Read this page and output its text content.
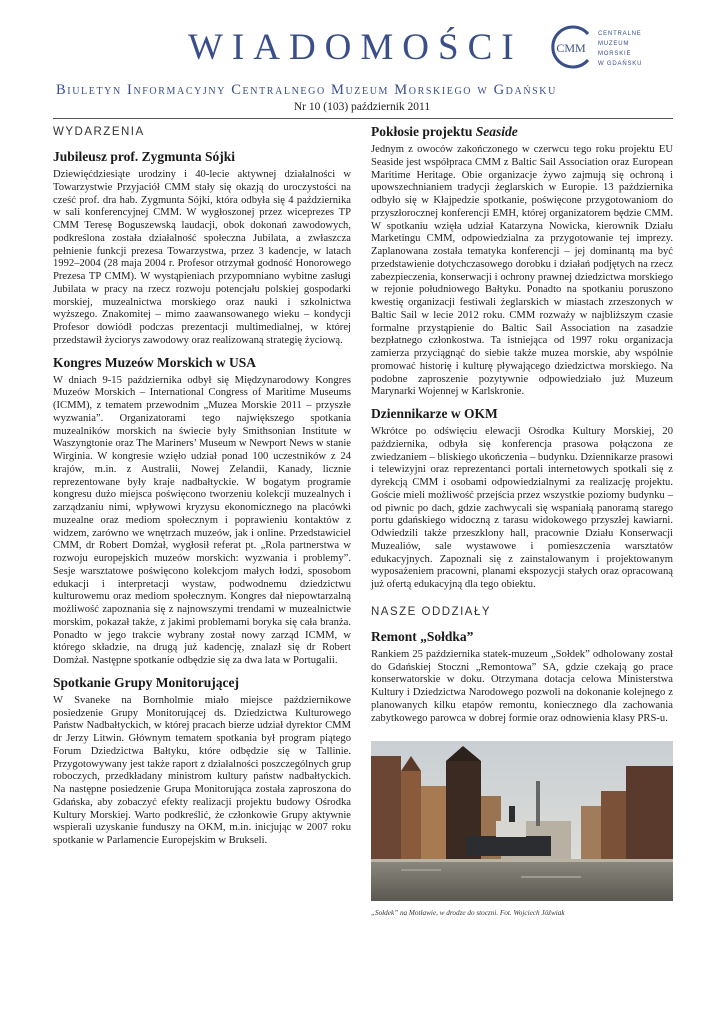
WIADOMOŚCI	CMM
CENTRALNE
MUZEUM
MORSKIE
W GDAŃSKU
Biuletyn Informacyjny Centralnego Muzeum Morskiego w Gdańsku
Nr 10 (103) październik 2011
WYDARZENIA
Jubileusz prof. Zygmunta Sójki

Dziewięćdziesiąte urodziny i 40-lecie aktywnej działalności w Towarzystwie Przyjaciół CMM stały się okazją do uroczystości na cześć prof. dra hab. Zygmunta Sójki, która odbyła się 4 października w sali konferencyjnej CMM. W wygłoszonej przez wiceprezes TP CMM Teresę Boguszewską laudacji, obok dokonań zawodowych, podkreślona została działalność społeczna Jubilata, a zwłaszcza pełnienie funkcji prezesa Towarzystwa, przez 3 kadencje, w latach 1992–2004 (28 maja 2004 r. Profesor otrzymał godność Honorowego Prezesa TP CMM). W wystąpieniach przypomniano wybitne zasługi Jubilata w pracy na rzecz rozwoju potencjału polskiej gospodarki morskiej, muzealnictwa morskiego oraz nauki i szkolnictwa wyższego. Znakomitej – mimo zaawansowanego wieku – kondycji Profesor dowiódł podczas prezentacji multimedialnej, w której przedstawił życiorys zawodowy oraz realizowaną strategię życiową.

Kongres Muzeów Morskich w USA

W dniach 9-15 października odbył się Międzynarodowy Kongres Muzeów Morskich – International Congress of Maritime Museums (ICMM), z tematem przewodnim „Muzea Morskie 2011 – przyszłe wyzwania”. Organizatorami tego największego spotkania muzealników morskich na świecie były Smithsonian Institute w Waszyngtonie oraz The Mariners’ Museum w Newport News w stanie Wirginia. W kongresie wzięło udział ponad 100 uczestników z 24 krajów, m.in. z Australii, Nowej Zelandii, Kanady, licznie reprezentowane były kraje nadbałtyckie. W bogatym programie kongresu dużo miejsca poświęcono tworzeniu kolekcji muzealnych i zarządzaniu nimi, wpływowi kryzysu ekonomicznego na placówki muzealne oraz mediom społecznym i poprawieniu kontaktów z widzem, zarówno we wnętrzach muzeów, jak i online. Przedstawiciel CMM, dr Robert Domżał, wygłosił referat pt. „Rola partnerstwa w rozwoju europejskich muzeów morskich: wyzwania i problemy”. Sesje warsztatowe poświęcono kolekcjom małych łodzi, sposobom edukacji i interpretacji wystaw, podwodnemu dziedzictwu kulturowemu oraz mediom społecznym. Kongres dał niepowtarzalną możliwość zapoznania się z najnowszymi trendami w muzealnictwie morskim, pokazał także, z jakimi problemami boryka się cała branża. Ponadto w jego trakcie wybrany został nowy zarząd ICMM, w którego składzie, na drugą już kadencję, znalazł się dr Robert Domżał. Następne spotkanie odbędzie się za dwa lata w Portugalii.

Spotkanie Grupy Monitorującej

W Svaneke na Bornholmie miało miejsce październikowe posiedzenie Grupy Monitorującej ds. Dziedzictwa Kulturowego Państw Nadbałtyckich, w której pracach bierze udział dyrektor CMM dr Jerzy Litwin. Głównym tematem spotkania był program piątego Forum Dziedzictwa Bałtyku, które odbędzie się w Tallinie. Przygotowywany jest także raport z działalności poszczególnych grup roboczych, przedkładany ministrom kultury państw nadbałtyckich. Na następne posiedzenie Grupa Monitorująca została zaproszona do Gdańska, aby zobaczyć efekty realizacji projektu budowy Ośrodka Kultury Morskiej. Warto podkreślić, że członkowie Grupy aktywnie wspierali uzyskanie funduszy na OKM, m.in. inicjując w 2007 roku spotkanie w Parlamencie Europejskim w Brukseli.

Pokłosie projektu Seaside

Jednym z owoców zakończonego w czerwcu tego roku projektu EU Seaside jest współpraca CMM z Baltic Sail Association oraz European Maritime Heritage. Obie organizacje żywo zajmują się ochroną i upowszechnianiem tradycji żeglarskich w Europie. 13 października odbyło się w Kłajpedzie spotkanie, poświęcone przygotowaniom do przyszłorocznej konferencji EMH, której organizatorem będzie CMM. W spotkaniu wzięła udział Katarzyna Nowicka, kierownik Działu Marketingu CMM, odpowiedzialna za przygotowanie tej imprezy. Zaplanowana została tematyka konferencji – jej dominantą ma być przedstawienie dotychczasowego dorobku i działań podjętych na rzecz zabezpieczenia, konserwacji i ochrony prawnej dziedzictwa morskiego w rejonie południowego Bałtyku. Ponadto na spotkaniu poruszono kwestię organizacji festiwali żeglarskich w miastach zrzeszonych w Baltic Sail w lecie 2012 roku. CMM rozważy w najbliższym czasie formalne przystąpienie do Baltic Sail Association na zasadzie bezpłatnego członkostwa. Ta istniejąca od 1997 roku organizacja zamierza przyciągnąć do siebie także muzea morskie, aby wspólnie promować historię i kulturę pływającego dziedzictwa morskiego. Na podobne zaproszenie pozytywnie odpowiedziało już Muzeum Marynarki Wojennej w Karlskronie.

Dziennikarze w OKM

Wkrótce po odświęciu elewacji Ośrodka Kultury Morskiej, 20 października, odbyła się konferencja prasowa połączona ze zwiedzaniem – bliskiego ukończenia – budynku. Dziennikarze prasowi i telewizyjni oraz reprezentanci portali internetowych spotkali się z dyrekcją CMM i osobami odpowiedzialnymi za realizację projektu. Goście mieli możliwość przejścia przez wszystkie poziomy budynku – od piwnic po dach, gdzie zachwycali się wspaniałą panoramą starego portu gdańskiego widoczną z tarasu widokowego przyszłej kawiarni. Odwiedzili także przeszklony hall, pracownie Działu Konserwacji Muzealiów, sale wystawowe i pomieszczenia warsztatów edukacyjnych. Zapoznali się z zainstalowanym i projektowanym wyposażeniem pracowni, planami ekspozycji stałych oraz opracowaną już ofertą edukacyjną dla tego obiektu.

NASZE ODDZIAŁY
Remont „Sołdka”

Rankiem 25 października statek-muzeum „Sołdek” odholowany został do Gdańskiej Stoczni „Remontowa” SA, gdzie czekają go prace konserwatorskie w doku. Otrzymana dotacja celowa Ministerstwa Kultury i Dziedzictwa Narodowego pozwoli na dokonanie kolejnego z planowanych kilku etapów remontu, koniecznego dla zachowania zabytkowego parowca w dobrej formie oraz odnowienia klasy PRS-u.

„Sołdek” na Motławie, w drodze do stoczni. Fot. Wojciech Jóźwiak
